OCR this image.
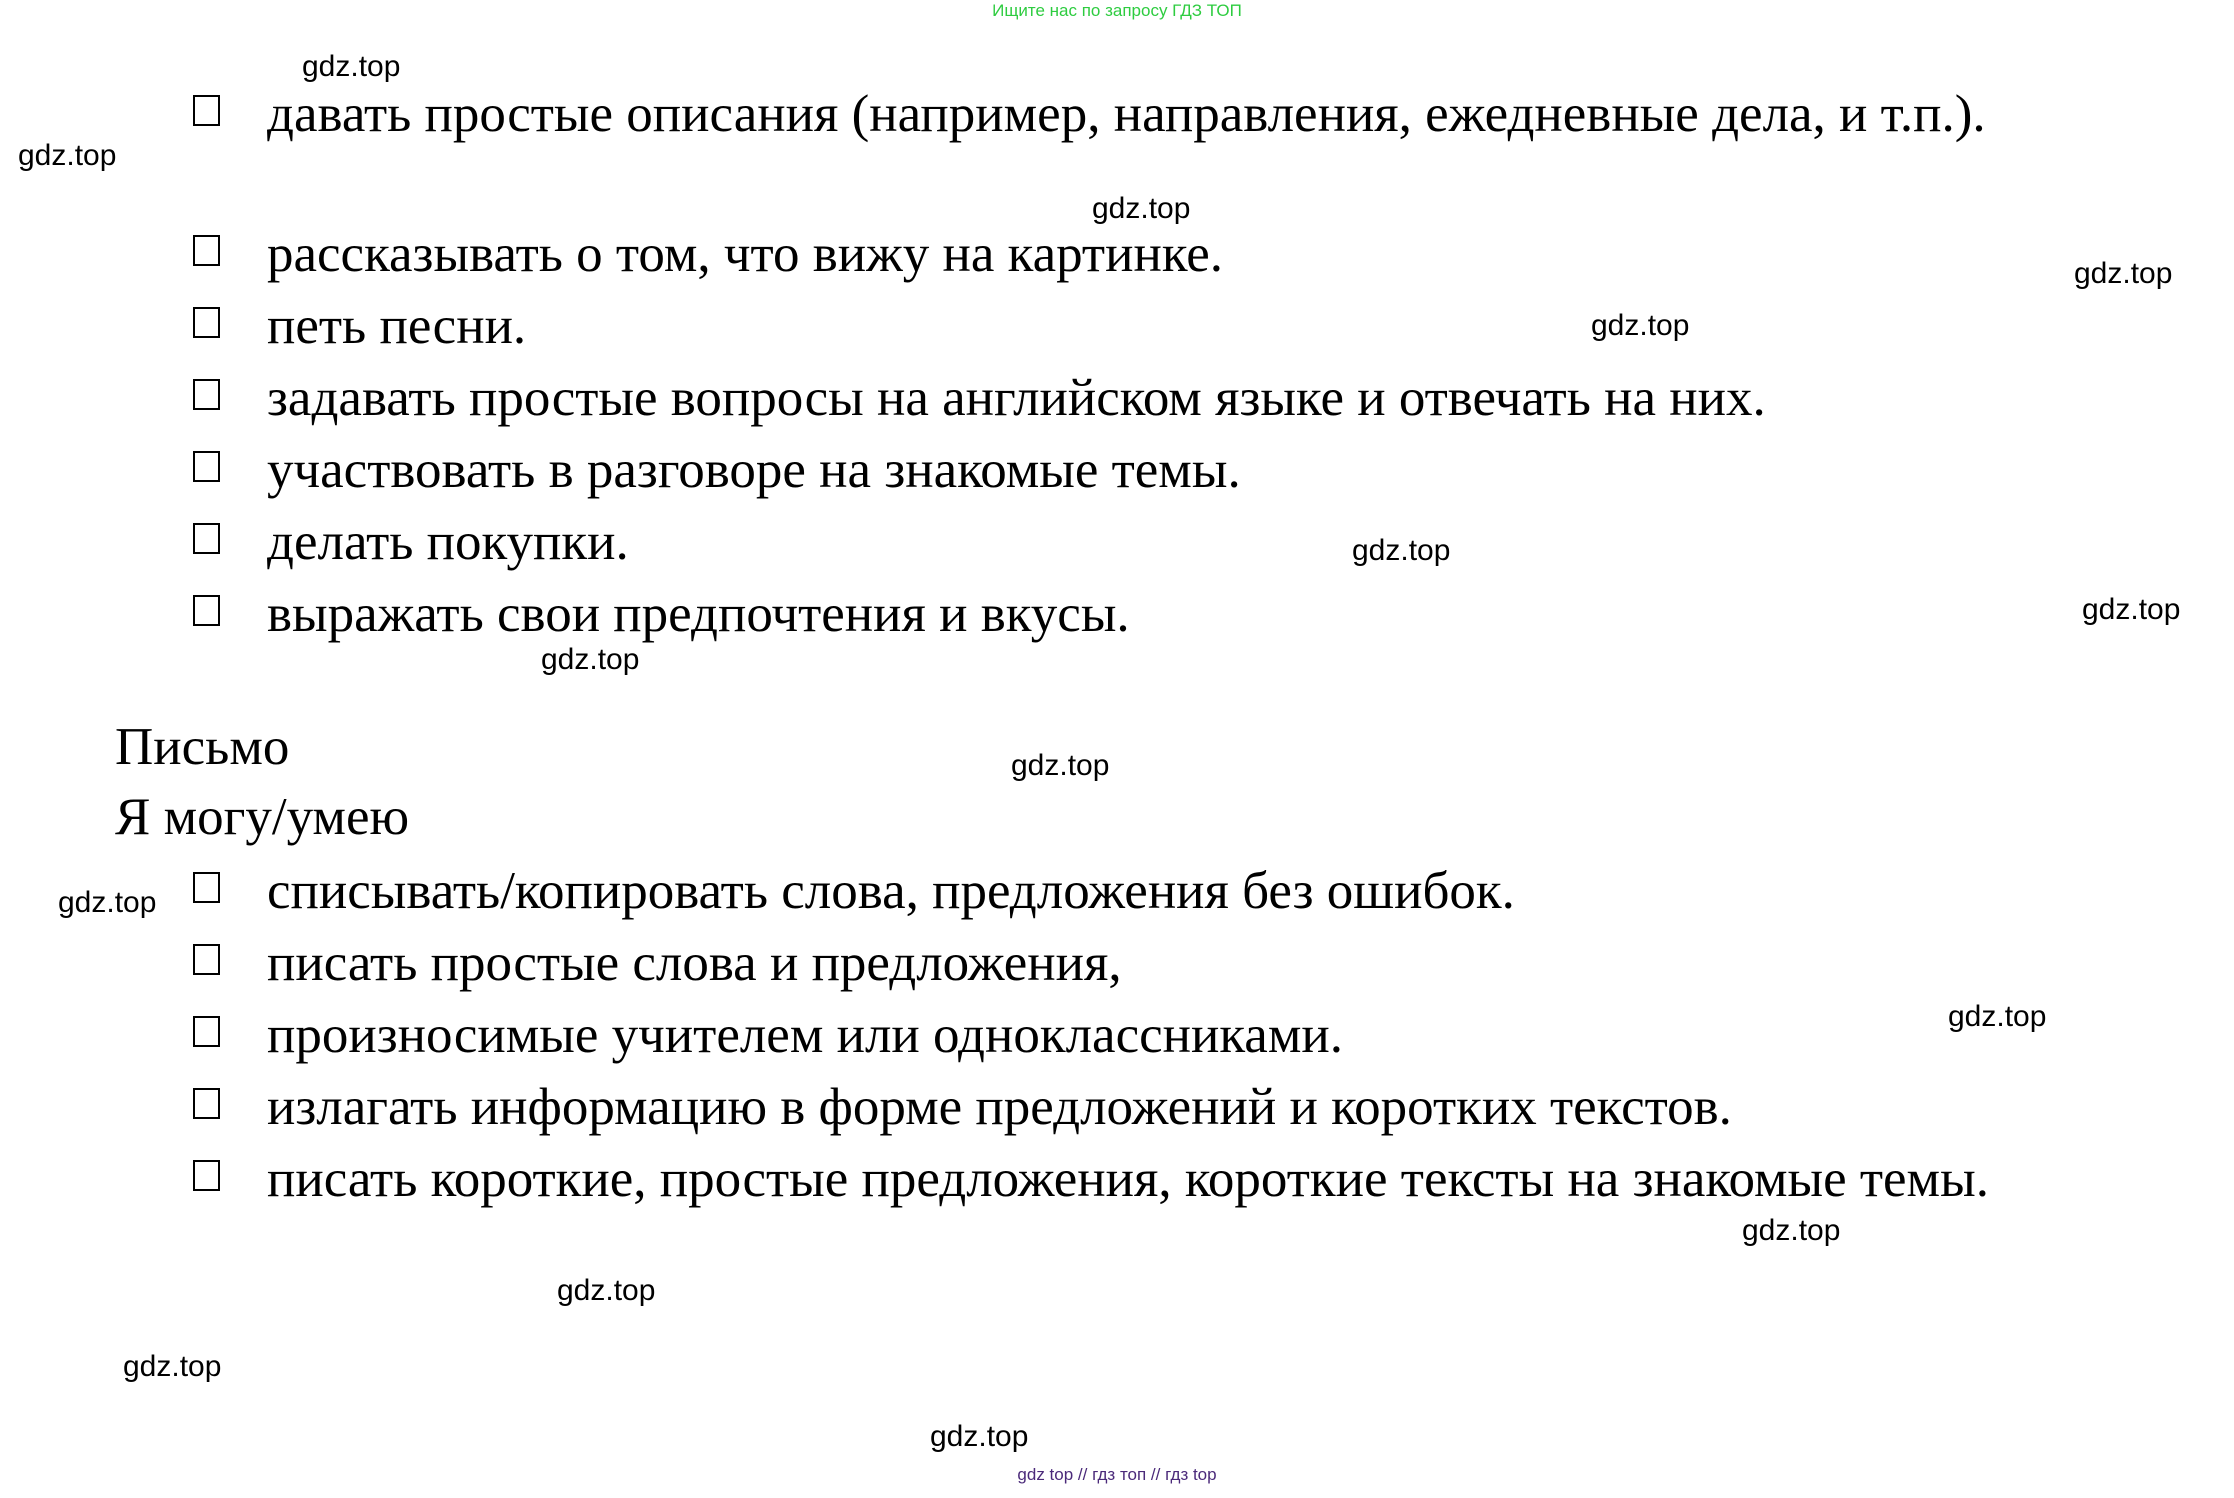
Ищите нас по запросу ГДЗ ТОП
давать простые описания (например, направления, ежедневные дела, и т.п.).
рассказывать о том, что вижу на картинке.
петь песни.
задавать простые вопросы на английском языке и отвечать на них.
участвовать в разговоре на знакомые темы.
делать покупки.
выражать свои предпочтения и вкусы.
Письмо
Я могу/умею
списывать/копировать слова, предложения без ошибок.
писать простые слова и предложения,
произносимые учителем или одноклассниками.
излагать информацию в форме предложений и коротких текстов.
писать короткие, простые предложения, короткие тексты на знакомые темы.
gdz.top
gdz.top
gdz.top
gdz.top
gdz.top
gdz.top
gdz.top
gdz.top
gdz.top
gdz.top
gdz.top
gdz.top
gdz.top
gdz.top
gdz.top
gdz top // гдз топ // гдз top
